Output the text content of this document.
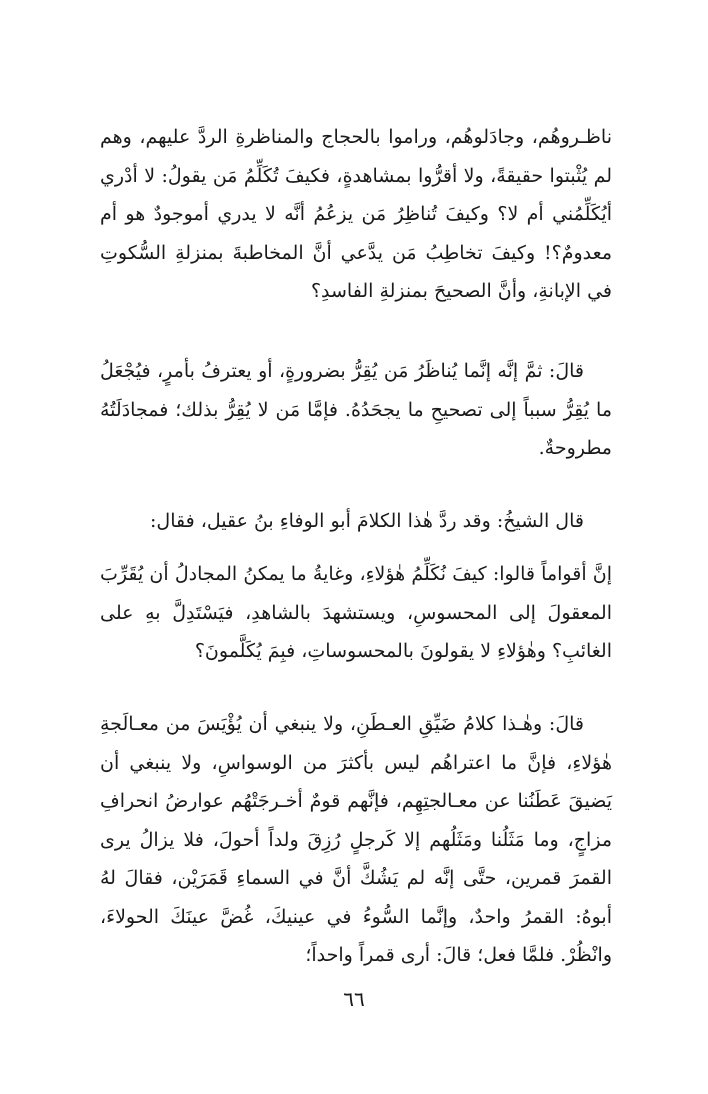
ناظـروهُم، وجادَلوهُم، وراموا بالحجاج والمناظرةِ الردَّ عليهم، وهم لم يُثْبتوا حقيقةً، ولا أقرُّوا بمشاهدةٍ، فكيفَ تُكَلِّمُ مَن يقولُ: لا أدْري أيُكَلِّمُني أم لا؟ وكيفَ تُناظِرُ مَن يزعُمُ أنَّه لا يدري أموجودٌ هو أم معدومٌ؟! وكيفَ تخاطِبُ مَن يدَّعي أنَّ المخاطبةَ بمنزلةِ السُّكوتِ في الإبانةِ، وأنَّ الصحيحَ بمنزلةِ الفاسدِ؟

قالَ: ثمَّ إنَّه إنَّما يُناظَرُ مَن يُقِرُّ بضرورةٍ، أو يعترفُ بأمرٍ، فيُجْعَلُ ما يُقِرُّ سبباً إلى تصحيحِ ما يجحَدُهُ. فإمَّا مَن لا يُقِرُّ بذلك؛ فمجادَلَتُهُ مطروحةٌ.

قال الشيخُ: وقد ردَّ هٰذا الكلامَ أبو الوفاءِ بنُ عقيل، فقال:

إنَّ أقواماً قالوا: كيفَ نُكَلِّمُ هٰؤلاءِ، وغايةُ ما يمكنُ المجادلُ أن يُقَرِّبَ المعقولَ إلى المحسوسِ، ويستشهدَ بالشاهدِ، فيَسْتَدِلَّ بهِ على الغائبِ؟ وهٰؤلاءِ لا يقولونَ بالمحسوساتِ، فبِمَ يُكَلَّمونَ؟

قالَ: وهٰـذا كلامُ ضَيِّقِ العـطَنِ، ولا ينبغي أن يُؤْيَسَ من معـالَجةِ هٰؤلاءِ، فإنَّ ما اعتراهُم ليس بأكثرَ من الوسواسِ، ولا ينبغي أن يَضيقَ عَطَنُنا عن معـالجتِهِم، فإنَّهم قومٌ أخـرجَتْهُم عوارضُ انحرافِ مزاجٍ، وما مَثَلُنا ومَثَلُهم إلا كَرجلٍ رُزِقَ ولداً أحولَ، فلا يزالُ يرى القمرَ قمرين، حتَّى إنَّه لم يَشُكَّ أنَّ في السماءِ قَمَرَيْن، فقالَ لهُ أبوهُ: القمرُ واحدٌ، وإنَّما السُّوءُ في عينيكَ، غُضَّ عينَكَ الحولاءَ، وانْظُرْ. فلمَّا فعل؛ قالَ: أرى قمراً واحداً؛

٦٦
